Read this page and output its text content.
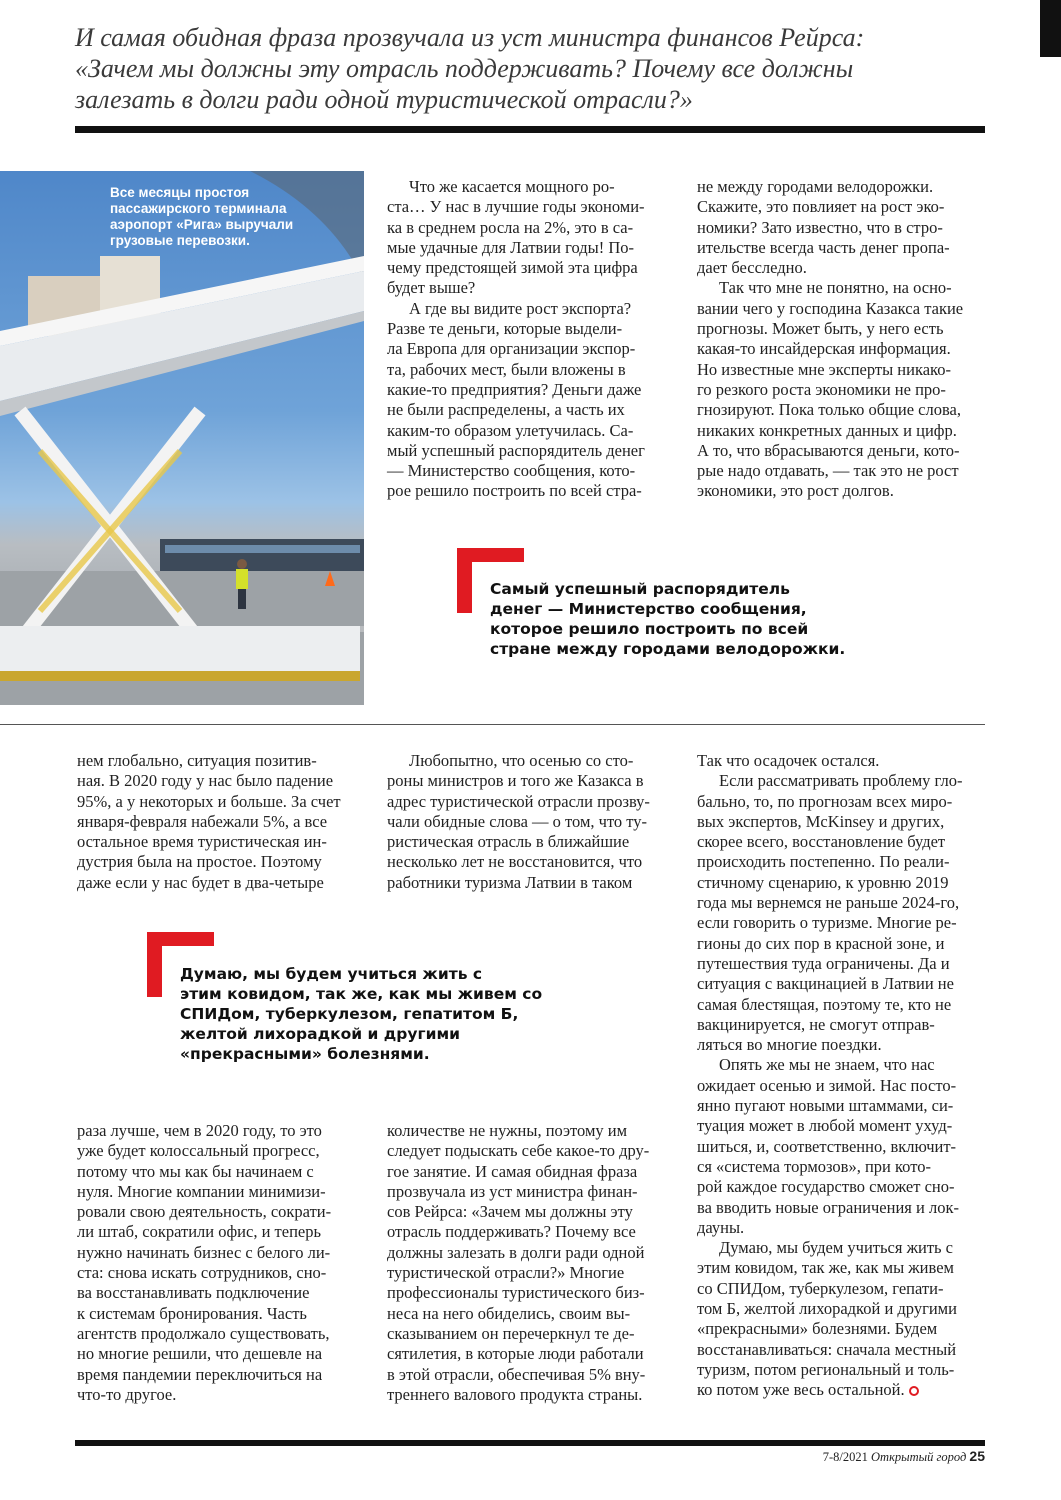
И самая обидная фраза прозвучала из уст министра финансов Рейрса:
«Зачем мы должны эту отрасль поддерживать? Почему все должны
залезать в долги ради одной туристической отрасли?»
Все месяцы простоя
пассажирского терминала
аэропорт «Рига» выручали
грузовые перевозки.
Что же касается мощного ро-
ста… У нас в лучшие годы экономи-
ка в среднем росла на 2%, это в са-
мые удачные для Латвии годы! По-
чему предстоящей зимой эта цифра
будет выше?
А где вы видите рост экспорта?
Разве те деньги, которые выдели-
ла Европа для организации экспор-
та, рабочих мест, были вложены в
какие-то предприятия? Деньги даже
не были распределены, а часть их
каким-то образом улетучилась. Са-
мый успешный распорядитель денег
— Министерство сообщения, кото-
рое решило построить по всей стра-
не между городами велодорожки.
Скажите, это повлияет на рост эко-
номики? Зато известно, что в стро-
ительстве всегда часть денег пропа-
дает бесследно.
Так что мне не понятно, на осно-
вании чего у господина Казакса такие
прогнозы. Может быть, у него есть
какая-то инсайдерская информация.
Но известные мне эксперты никако-
го резкого роста экономики не про-
гнозируют. Пока только общие слова,
никаких конкретных данных и цифр.
А то, что вбрасываются деньги, кото-
рые надо отдавать, — так это не рост
экономики, это рост долгов.
Самый успешный распорядитель
денег — Министерство сообщения,
которое решило построить по всей
стране между городами велодорожки.
нем глобально, ситуация позитив-
ная. В 2020 году у нас было падение
95%, а у некоторых и больше. За счет
января-февраля набежали 5%, а все
остальное время туристическая ин-
дустрия была на простое. Поэтому
даже если у нас будет в два-четыре
Любопытно, что осенью со сто-
роны министров и того же Казакса в
адрес туристической отрасли прозву-
чали обидные слова — о том, что ту-
ристическая отрасль в ближайшие
несколько лет не восстановится, что
работники туризма Латвии в таком
Думаю, мы будем учиться жить с
этим ковидом, так же, как мы живем со
СПИДом, туберкулезом, гепатитом Б,
желтой лихорадкой и другими
«прекрасными» болезнями.
Так что осадочек остался.
Если рассматривать проблему гло-
бально, то, по прогнозам всех миро-
вых экспертов, McKinsey и других,
скорее всего, восстановление будет
происходить постепенно. По реали-
стичному сценарию, к уровню 2019
года мы вернемся не раньше 2024-го,
если говорить о туризме. Многие ре-
гионы до сих пор в красной зоне, и
путешествия туда ограничены. Да и
ситуация с вакцинацией в Латвии не
самая блестящая, поэтому те, кто не
вакцинируется, не смогут отправ-
ляться во многие поездки.
Опять же мы не знаем, что нас
ожидает осенью и зимой. Нас посто-
янно пугают новыми штаммами, си-
туация может в любой момент ухуд-
шиться, и, соответственно, включит-
ся «система тормозов», при кото-
рой каждое государство сможет сно-
ва вводить новые ограничения и лок-
дауны.
Думаю, мы будем учиться жить с
этим ковидом, так же, как мы живем
со СПИДом, туберкулезом, гепати-
том Б, желтой лихорадкой и другими
«прекрасными» болезнями. Будем
восстанавливаться: сначала местный
туризм, потом региональный и толь-
ко потом уже весь остальной.
раза лучше, чем в 2020 году, то это
уже будет колоссальный прогресс,
потому что мы как бы начинаем с
нуля. Многие компании минимизи-
ровали свою деятельность, сократи-
ли штаб, сократили офис, и теперь
нужно начинать бизнес с белого ли-
ста: снова искать сотрудников, сно-
ва восстанавливать подключение
к системам бронирования. Часть
агентств продолжало существовать,
но многие решили, что дешевле на
время пандемии переключиться на
что-то другое.
количестве не нужны, поэтому им
следует подыскать себе какое-то дру-
гое занятие. И самая обидная фраза
прозвучала из уст министра финан-
сов Рейрса: «Зачем мы должны эту
отрасль поддерживать? Почему все
должны залезать в долги ради одной
туристической отрасли?» Многие
профессионалы туристического биз-
неса на него обиделись, своим вы-
сказыванием он перечеркнул те де-
сятилетия, в которые люди работали
в этой отрасли, обеспечивая 5% вну-
треннего валового продукта страны.
7-8/2021 Открытый город 25
